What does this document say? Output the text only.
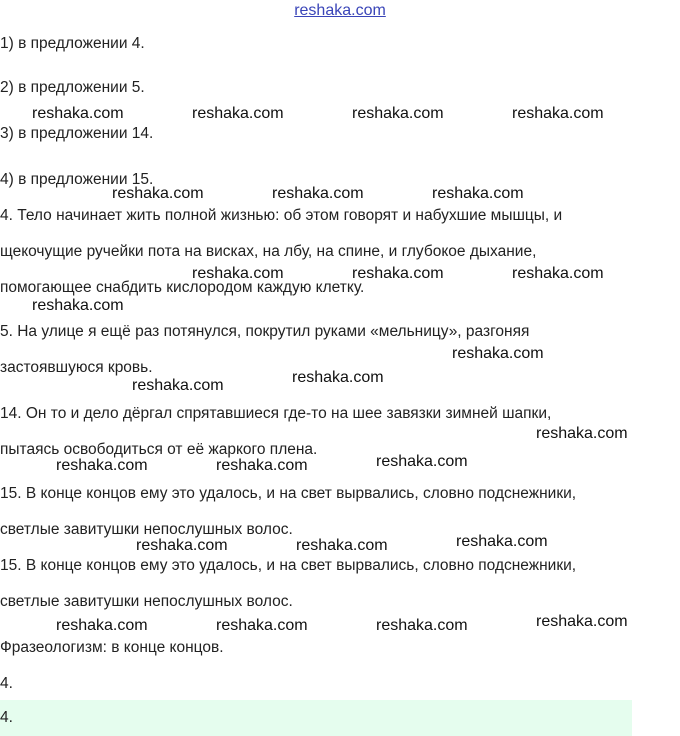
reshaka.com
1) в предложении 4.
2) в предложении 5.
3) в предложении 14.
4) в предложении 15.
4. Тело начинает жить полной жизнью: об этом говорят и набухшие мышцы, и
щекочущие ручейки пота на висках, на лбу, на спине, и глубокое дыхание,
помогающее снабдить кислородом каждую клетку.
5. На улице я ещё раз потянулся, покрутил руками «мельницу», разгоняя
застоявшуюся кровь.
14. Он то и дело дёргал спрятавшиеся где-то на шее завязки зимней шапки,
пытаясь освободиться от её жаркого плена.
15. В конце концов ему это удалось, и на свет вырвались, словно подснежники,
светлые завитушки непослушных волос.
15. В конце концов ему это удалось, и на свет вырвались, словно подснежники,
светлые завитушки непослушных волос.
Фразеологизм: в конце концов.
4.
4.
reshaka.com	reshaka.com	reshaka.com	reshaka.com
reshaka.com	reshaka.com	reshaka.com
reshaka.com	reshaka.com	reshaka.com
reshaka.com
reshaka.com
reshaka.com
reshaka.com
reshaka.com
reshaka.com
reshaka.com
reshaka.com
reshaka.com
reshaka.com
reshaka.com
reshaka.com
reshaka.com
reshaka.com
reshaka.com
